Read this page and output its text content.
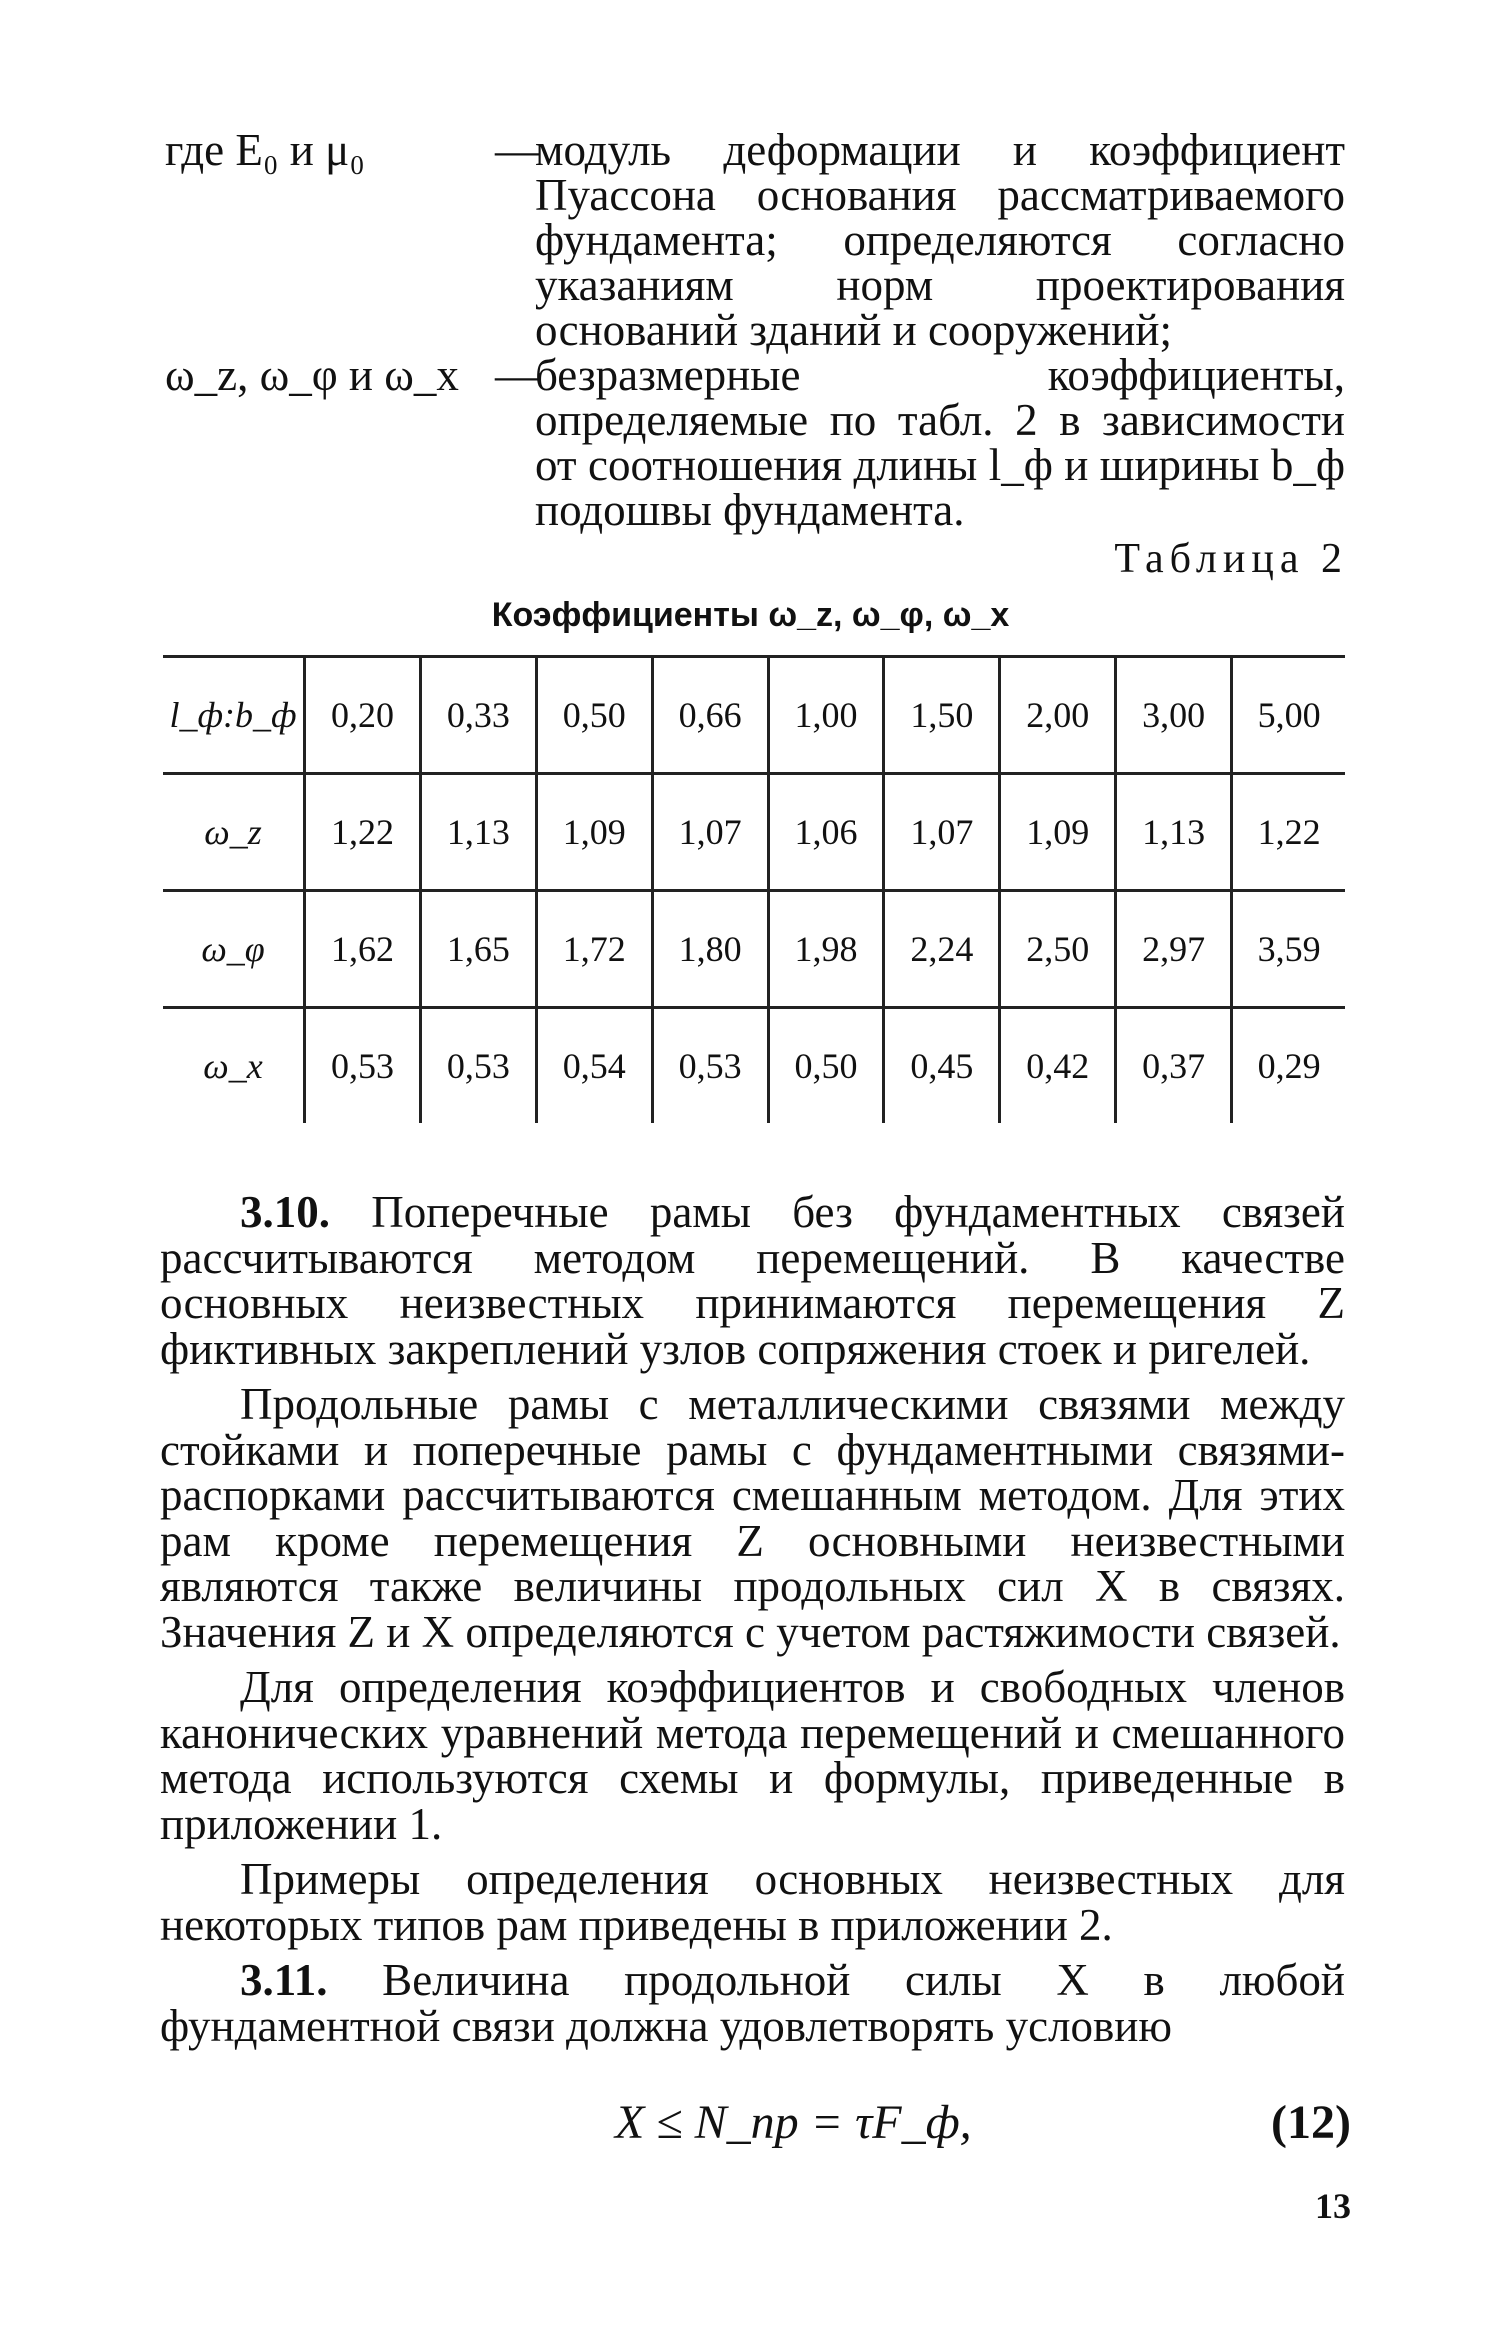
где E₀ и μ₀	—
модуль деформации и коэффициент Пуассона основания рассматриваемого фундамента; определяются согласно указаниям норм проектирования оснований зданий и сооружений;
ω_z, ω_φ и ω_x —
безразмерные коэффициенты, определяемые по табл. 2 в зависимости от соотношения длины l_ф и ширины b_ф подошвы фундамента.
Таблица 2
Коэффициенты ω_z, ω_φ, ω_x
l_ф:b_ф	0,20	0,33	0,50	0,66	1,00	1,50	2,00	3,00	5,00
ω_z	1,22	1,13	1,09	1,07	1,06	1,07	1,09	1,13	1,22
ω_φ	1,62	1,65	1,72	1,80	1,98	2,24	2,50	2,97	3,59
ω_x	0,53	0,53	0,54	0,53	0,50	0,45	0,42	0,37	0,29

3.10. Поперечные рамы без фундаментных связей рассчитываются методом перемещений. В качестве основных неизвестных принимаются перемещения Z фиктивных закреплений узлов сопряжения стоек и ригелей.

Продольные рамы с металлическими связями между стойками и поперечные рамы с фундаментными связями-распорками рассчитываются смешанным методом. Для этих рам кроме перемещения Z основными неизвестными являются также величины продольных сил X в связях. Значения Z и X определяются с учетом растяжимости связей.

Для определения коэффициентов и свободных членов канонических уравнений метода перемещений и смешанного метода используются схемы и формулы, приведенные в приложении 1.

Примеры определения основных неизвестных для некоторых типов рам приведены в приложении 2.

3.11. Величина продольной силы X в любой фундаментной связи должна удовлетворять условию

X ≤ N_пр = τF_ф,	(12)
13
